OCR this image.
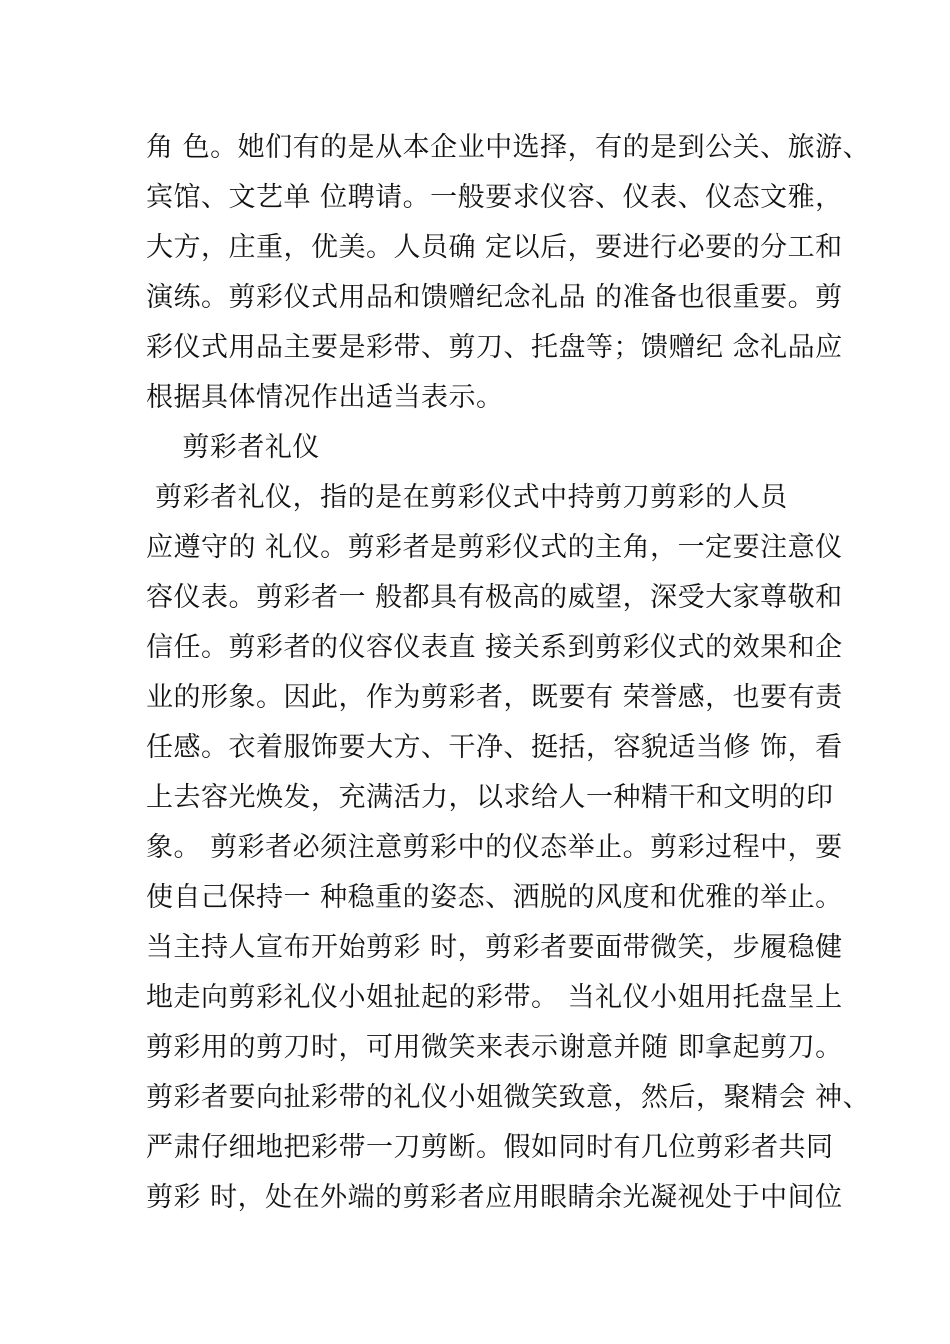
角 色。她们有的是从本企业中选择，有的是到公关、旅游、
宾馆、文艺单 位聘请。一般要求仪容、仪表、仪态文雅，
大方，庄重，优美。人员确 定以后，要进行必要的分工和
演练。剪彩仪式用品和馈赠纪念礼品 的准备也很重要。剪
彩仪式用品主要是彩带、剪刀、托盘等；馈赠纪 念礼品应
根据具体情况作出适当表示。
剪彩者礼仪
剪彩者礼仪，指的是在剪彩仪式中持剪刀剪彩的人员
应遵守的 礼仪。剪彩者是剪彩仪式的主角，一定要注意仪
容仪表。剪彩者一 般都具有极高的威望，深受大家尊敬和
信任。剪彩者的仪容仪表直 接关系到剪彩仪式的效果和企
业的形象。因此，作为剪彩者，既要有 荣誉感，也要有责
任感。衣着服饰要大方、干净、挺括，容貌适当修 饰，看
上去容光焕发，充满活力，以求给人一种精干和文明的印
象。 剪彩者必须注意剪彩中的仪态举止。剪彩过程中，要
使自己保持一 种稳重的姿态、洒脱的风度和优雅的举止。
当主持人宣布开始剪彩 时，剪彩者要面带微笑，步履稳健
地走向剪彩礼仪小姐扯起的彩带。 当礼仪小姐用托盘呈上
剪彩用的剪刀时，可用微笑来表示谢意并随 即拿起剪刀。
剪彩者要向扯彩带的礼仪小姐微笑致意，然后，聚精会 神、
严肃仔细地把彩带一刀剪断。假如同时有几位剪彩者共同
剪彩 时，处在外端的剪彩者应用眼睛余光凝视处于中间位
